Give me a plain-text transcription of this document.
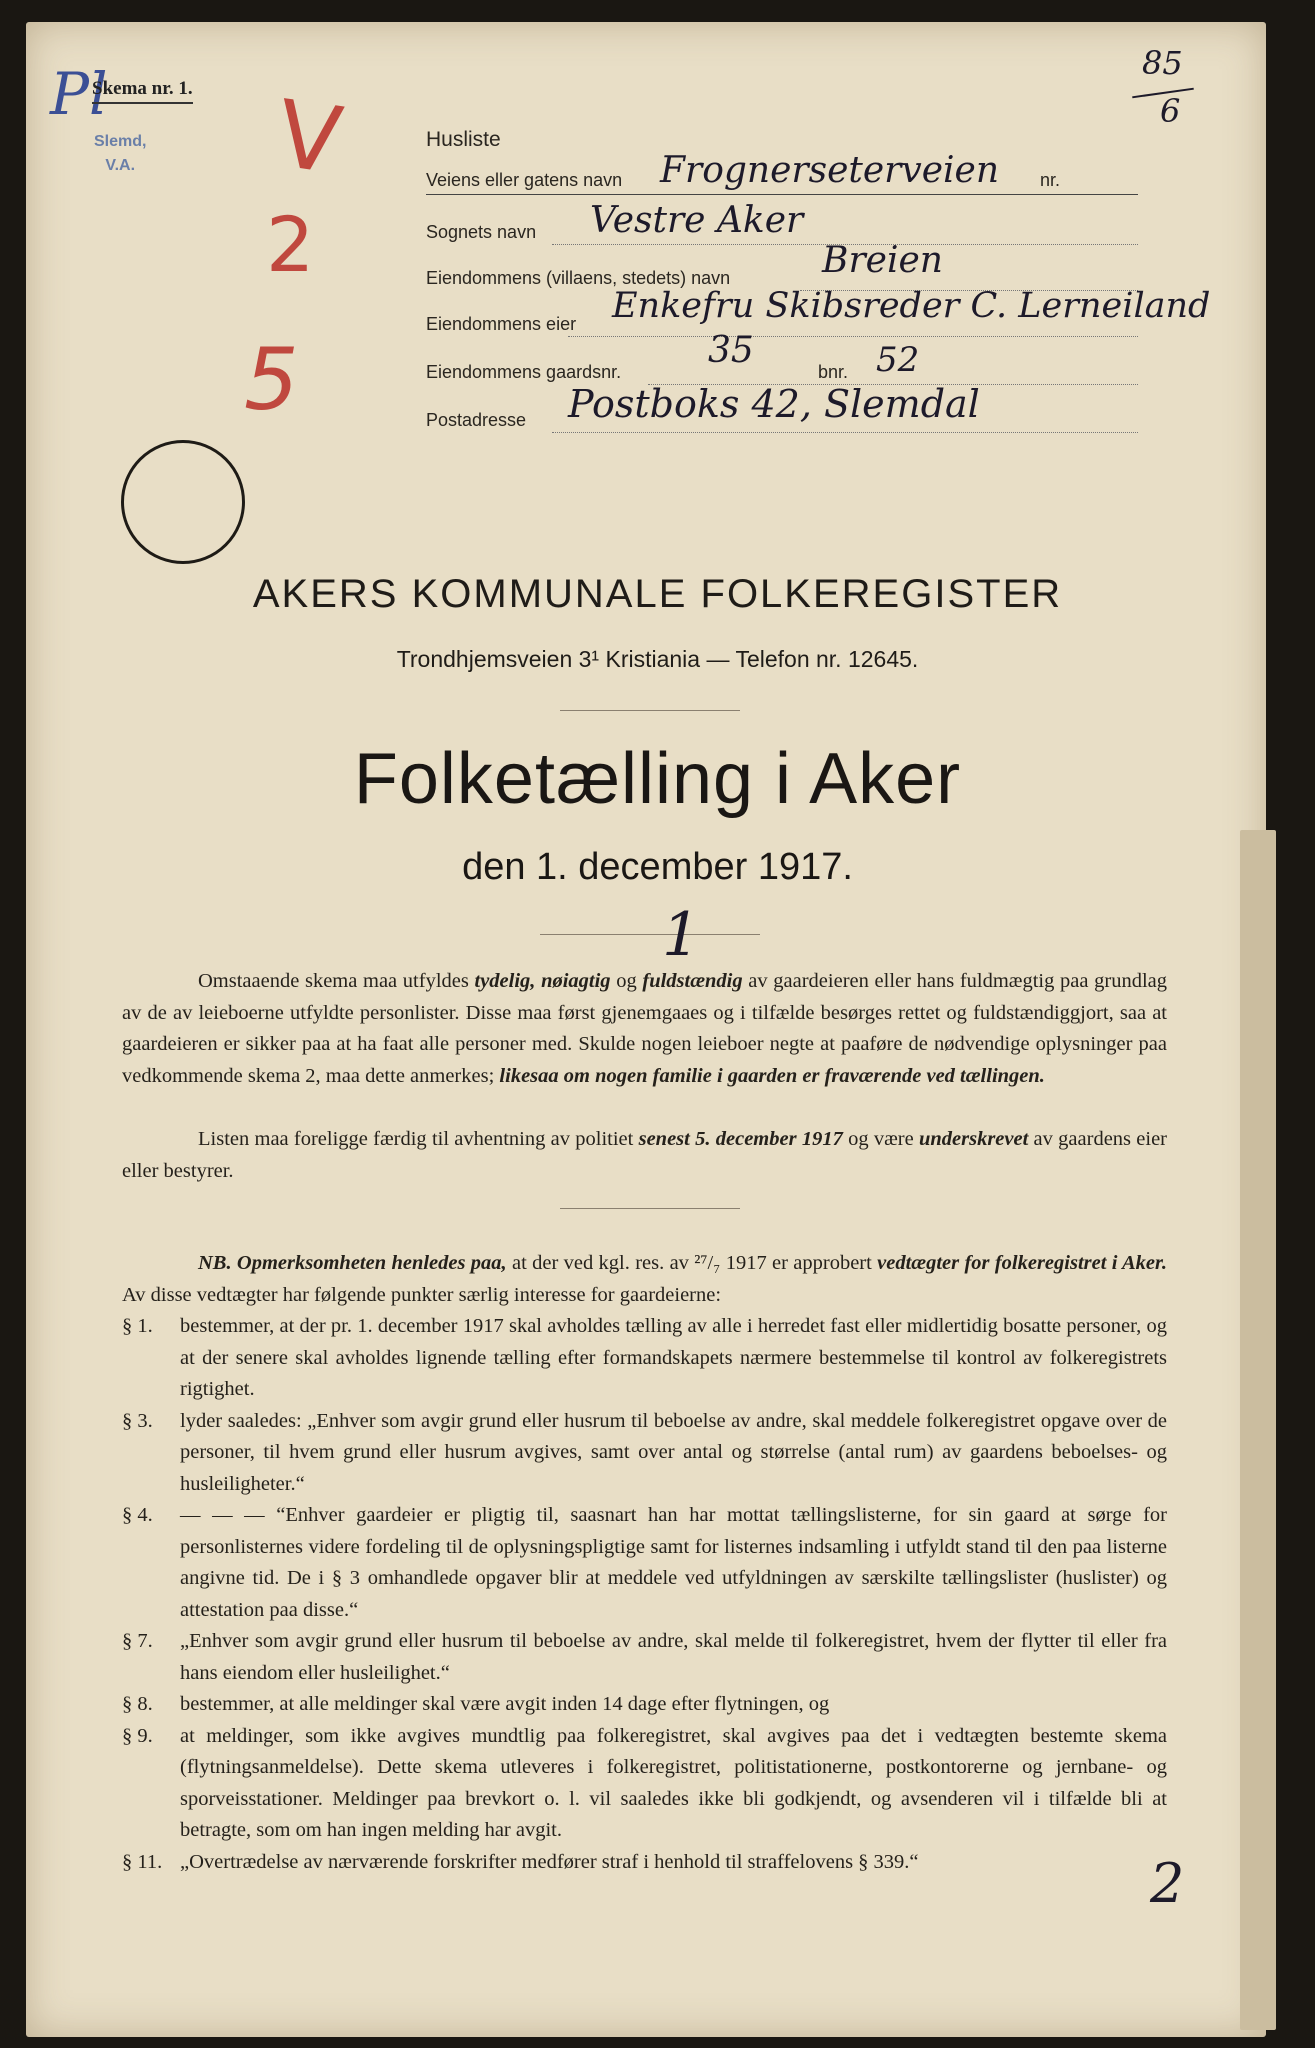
85
6
Pl
Slemd,
V.A.
Skema nr. 1. V
2
5
Husliste
Veiens eller gatens navn Frognerseterveien nr.
Sognets navn Vestre Aker
Eiendommens (villaens, stedets) navn	Breien
Eiendommens eier Enkefru Skibsreder C. Lerneiland
Eiendommens gaardsnr.
35
bnr. 52
Postadresse Postboks 42, Slemdal
AKERS KOMMUNALE FOLKEREGISTER
Trondhjemsveien 3¹ Kristiania — Telefon nr. 12645.
Folketælling i Aker
den 1. december 1917.
1
Omstaaende skema maa utfyldes tydelig, nøiagtig og fuldstændig av gaardeieren eller hans fuldmægtig paa grundlag av de av leieboerne utfyldte personlister. Disse maa først gjenemgaaes og i tilfælde besørges rettet og fuldstændiggjort, saa at gaardeieren er sikker paa at ha faat alle personer med. Skulde nogen leieboer negte at paaføre de nødvendige oplysninger paa vedkommende skema 2, maa dette anmerkes; likesaa om nogen familie i gaarden er fraværende ved tællingen.
Listen maa foreligge færdig til avhentning av politiet senest 5. december 1917 og være underskrevet av gaardens eier eller bestyrer.
NB. Opmerksomheten henledes paa, at der ved kgl. res. av ²⁷/₇ 1917 er approbert vedtægter for folkeregistret i Aker. Av disse vedtægter har følgende punkter særlig interesse for gaardeierne:
§ 1.	bestemmer, at der pr. 1. december 1917 skal avholdes tælling av alle i herredet fast eller midlertidig bosatte personer, og at der senere skal avholdes lignende tælling efter formandskapets nærmere bestemmelse til kontrol av folkeregistrets rigtighet.
§ 3.	lyder saaledes: „Enhver som avgir grund eller husrum til beboelse av andre, skal meddele folkeregistret opgave over de personer, til hvem grund eller husrum avgives, samt over antal og størrelse (antal rum) av gaardens beboelses- og husleiligheter.“
§ 4.	— — — “Enhver gaardeier er pligtig til, saasnart han har mottat tællingslisterne, for sin gaard at sørge for personlisternes videre fordeling til de oplysningspligtige samt for listernes indsamling i utfyldt stand til den paa listerne angivne tid. De i § 3 omhandlede opgaver blir at meddele ved utfyldningen av særskilte tællingslister (huslister) og attestation paa disse.“
§ 7.	„Enhver som avgir grund eller husrum til beboelse av andre, skal melde til folkeregistret, hvem der flytter til eller fra hans eiendom eller husleilighet.“
§ 8.	bestemmer, at alle meldinger skal være avgit inden 14 dage efter flytningen, og
§ 9.	at meldinger, som ikke avgives mundtlig paa folkeregistret, skal avgives paa det i vedtægten bestemte skema (flytningsanmeldelse). Dette skema utleveres i folkeregistret, politistationerne, postkontorerne og jernbane- og sporveisstationer. Meldinger paa brevkort o. l. vil saaledes ikke bli godkjendt, og avsenderen vil i tilfælde bli at betragte, som om han ingen melding har avgit.
§ 11. „Overtrædelse av nærværende forskrifter medfører straf i henhold til straffelovens § 339.“	2
